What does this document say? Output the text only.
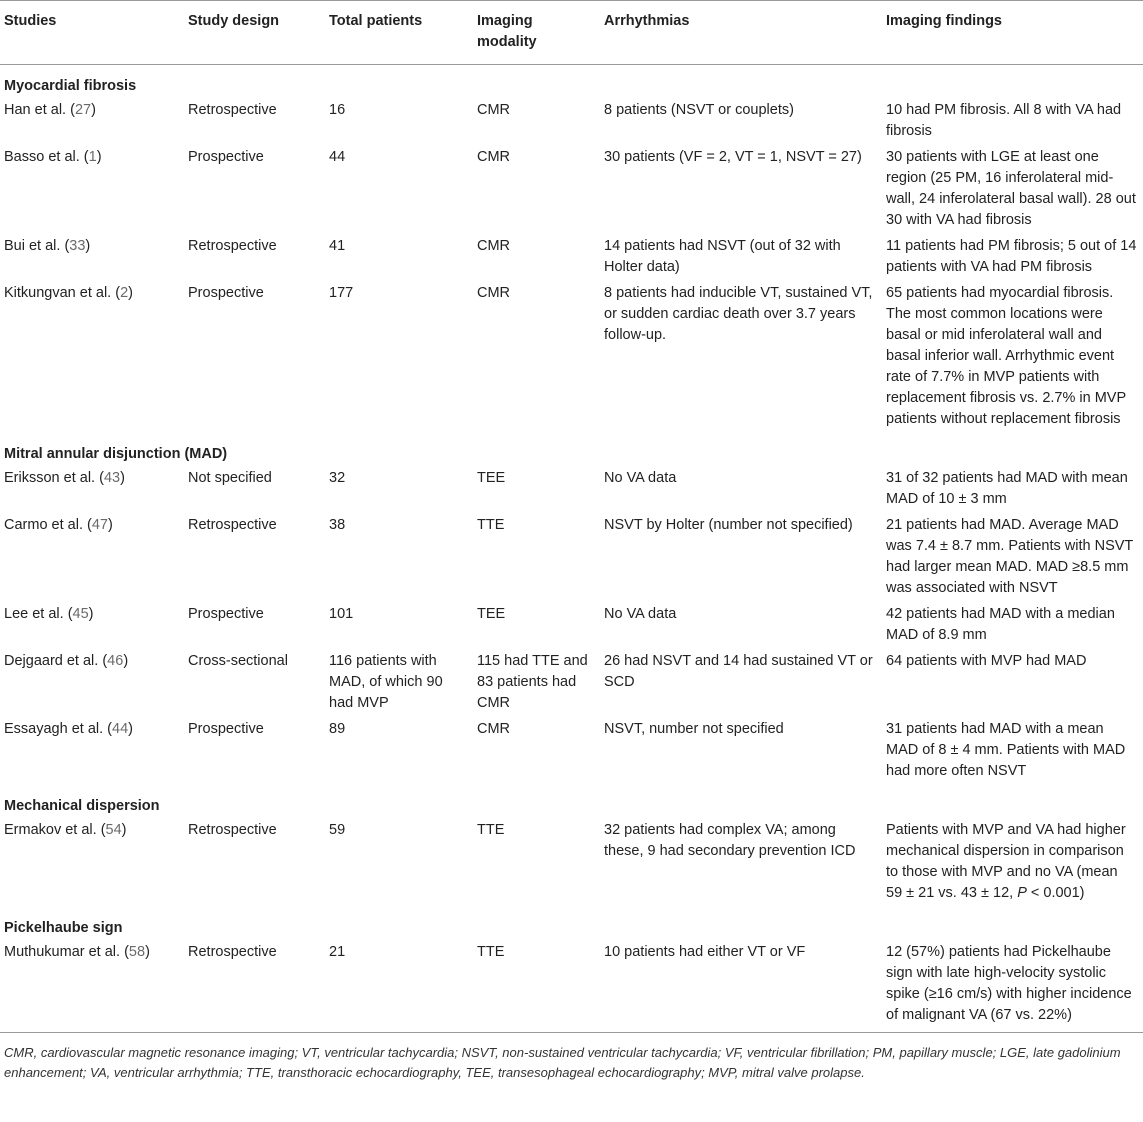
Studies	Study design	Total patients	Imaging modality	Arrhythmias	Imaging findings
Myocardial fibrosis					
Han et al. (27)	Retrospective	16	CMR	8 patients (NSVT or couplets)	10 had PM fibrosis. All 8 with VA had fibrosis
Basso et al. (1)	Prospective	44	CMR	30 patients (VF = 2, VT = 1, NSVT = 27)	30 patients with LGE at least one region (25 PM, 16 inferolateral mid-wall, 24 inferolateral basal wall). 28 out 30 with VA had fibrosis
Bui et al. (33)	Retrospective	41	CMR	14 patients had NSVT (out of 32 with Holter data)	11 patients had PM fibrosis; 5 out of 14 patients with VA had PM fibrosis
Kitkungvan et al. (2)	Prospective	177	CMR	8 patients had inducible VT, sustained VT, or sudden cardiac death over 3.7 years follow-up.	65 patients had myocardial fibrosis. The most common locations were basal or mid inferolateral wall and basal inferior wall. Arrhythmic event rate of 7.7% in MVP patients with replacement fibrosis vs. 2.7% in MVP patients without replacement fibrosis
Mitral annular disjunction (MAD)					
Eriksson et al. (43)	Not specified	32	TEE	No VA data	31 of 32 patients had MAD with mean MAD of 10 ± 3 mm
Carmo et al. (47)	Retrospective	38	TTE	NSVT by Holter (number not specified)	21 patients had MAD. Average MAD was 7.4 ± 8.7 mm. Patients with NSVT had larger mean MAD. MAD ≥8.5 mm was associated with NSVT
Lee et al. (45)	Prospective	101	TEE	No VA data	42 patients had MAD with a median MAD of 8.9 mm
Dejgaard et al. (46)	Cross-sectional	116 patients with MAD, of which 90 had MVP	115 had TTE and 83 patients had CMR	26 had NSVT and 14 had sustained VT or SCD	64 patients with MVP had MAD
Essayagh et al. (44)	Prospective	89	CMR	NSVT, number not specified	31 patients had MAD with a mean MAD of 8 ± 4 mm. Patients with MAD had more often NSVT
Mechanical dispersion					
Ermakov et al. (54)	Retrospective	59	TTE	32 patients had complex VA; among these, 9 had secondary prevention ICD	Patients with MVP and VA had higher mechanical dispersion in comparison to those with MVP and no VA (mean 59 ± 21 vs. 43 ± 12, P < 0.001)
Pickelhaube sign					
Muthukumar et al. (58)	Retrospective	21	TTE	10 patients had either VT or VF	12 (57%) patients had Pickelhaube sign with late high-velocity systolic spike (≥16 cm/s) with higher incidence of malignant VA (67 vs. 22%)
CMR, cardiovascular magnetic resonance imaging; VT, ventricular tachycardia; NSVT, non-sustained ventricular tachycardia; VF, ventricular fibrillation; PM, papillary muscle; LGE, late gadolinium enhancement; VA, ventricular arrhythmia; TTE, transthoracic echocardiography, TEE, transesophageal echocardiography; MVP, mitral valve prolapse.
